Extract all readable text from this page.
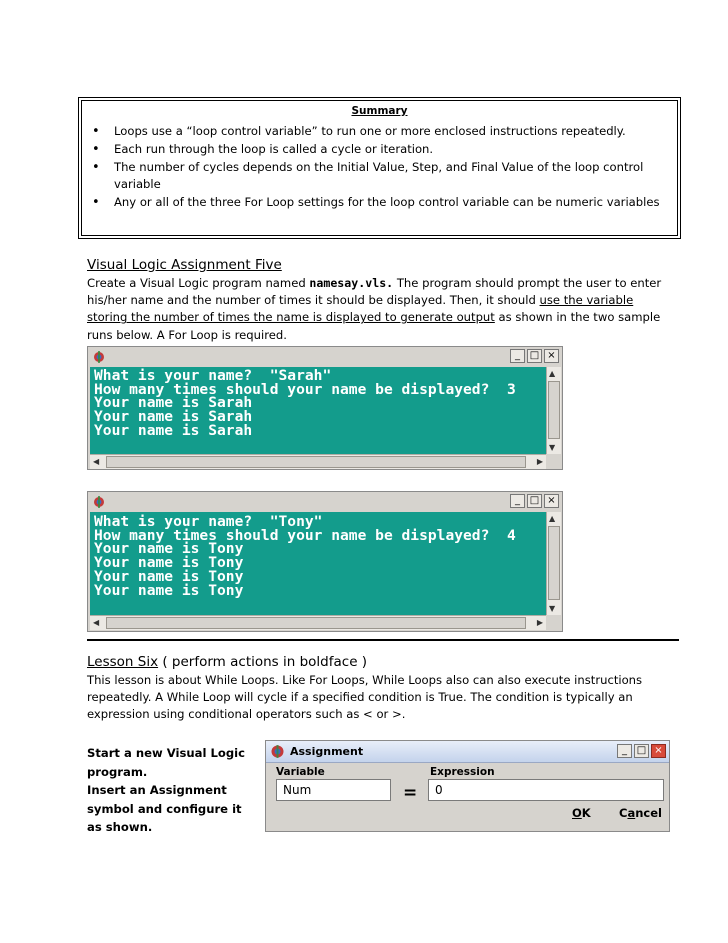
Summary
• Loops use a “loop control variable” to run one or more enclosed instructions repeatedly.
• Each run through the loop is called a cycle or iteration.
• The number of cycles depends on the Initial Value, Step, and Final Value of the loop control variable
• Any or all of the three For Loop settings for the loop control variable can be numeric variables
Visual Logic Assignment Five
Create a Visual Logic program named namesay.vls. The program should prompt the user to enter his/her name and the number of times it should be displayed. Then, it should use the variable storing the number of times the name is displayed to generate output as shown in the two sample runs below. A For Loop is required.
_ □ ×
What is your name?  "Sarah"
How many times should your name be displayed?  3
Your name is Sarah
Your name is Sarah
Your name is Sarah
▲
▼
◀	▶
_ □ ×
What is your name?  "Tony"
How many times should your name be displayed?  4
Your name is Tony
Your name is Tony
Your name is Tony
Your name is Tony
▲
▼
◀	▶
Lesson Six ( perform actions in boldface )
This lesson is about While Loops. Like For Loops, While Loops also can also execute instructions repeatedly. A While Loop will cycle if a specified condition is True. The condition is typically an expression using conditional operators such as < or >.
Start a new Visual Logic
program.
Insert an Assignment
symbol and configure it
as shown.
Assignment	_ □ ×
Variable	Expression
Num	=	0
OK Cancel
